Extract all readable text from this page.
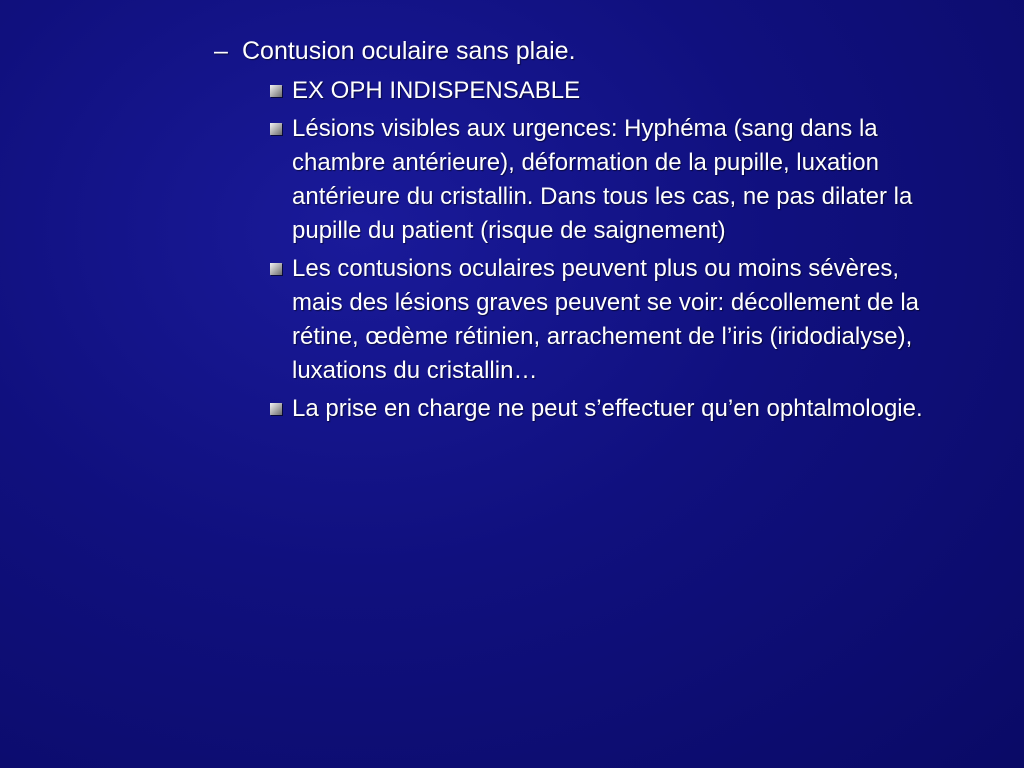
– Contusion oculaire sans plaie.
EX OPH INDISPENSABLE
Lésions visibles aux urgences: Hyphéma (sang dans la chambre antérieure), déformation de la pupille, luxation antérieure du cristallin. Dans tous les cas, ne pas dilater la pupille du patient (risque de saignement)
Les contusions oculaires peuvent plus ou moins sévères, mais des lésions graves peuvent se voir: décollement de la rétine, œdème rétinien, arrachement de l’iris (iridodialyse), luxations du cristallin…
La prise en charge ne peut s’effectuer qu’en ophtalmologie.
